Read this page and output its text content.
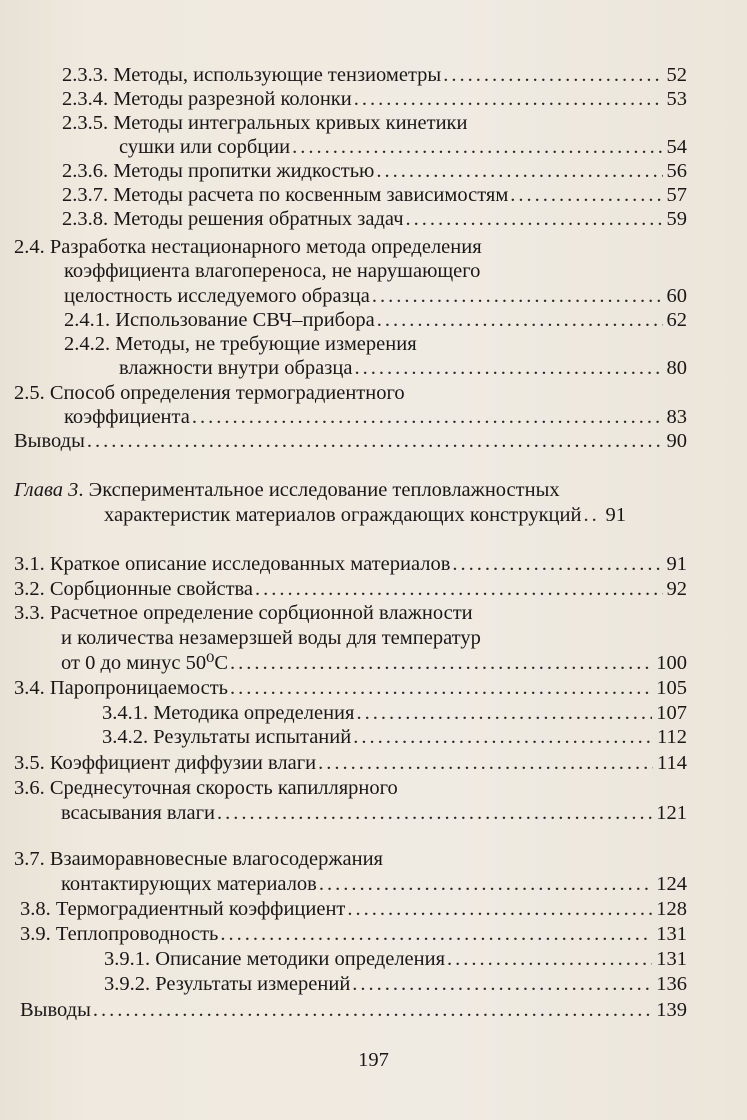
2.3.3. Методы, использующие тензиометры .....	52
2.3.4. Методы разрезной колонки .....	53
2.3.5. Методы интегральных кривых кинетики
сушки или сорбции .....	54
2.3.6. Методы пропитки жидкостью .....	56
2.3.7. Методы расчета по косвенным зависимостям .....	57
2.3.8. Методы решения обратных задач .....	59
2.4. Разработка нестационарного метода определения
коэффициента влагопереноса, не нарушающего
целостность исследуемого образца .....	60
2.4.1. Использование СВЧ–прибора .....	62
2.4.2. Методы, не требующие измерения
влажности внутри образца .....	80
2.5. Способ определения термоградиентного
коэффициента .....	83
Выводы .....	90
Глава 3 . Экспериментальное исследование тепловлажностных
характеристик материалов ограждающих конструкций ..... 91
3.1. Краткое описание исследованных материалов .....	91
3.2. Сорбционные свойства .....	92
3.3. Расчетное определение сорбционной влажности
и количества незамерзшей воды для температур
от 0 до минус 50⁰С .....	100
3.4. Паропроницаемость .....	105
3.4.1. Методика определения .....	107
3.4.2. Результаты испытаний .....	112
3.5. Коэффициент диффузии влаги .....	114
3.6. Среднесуточная скорость капиллярного
всасывания влаги .....	121
3.7. Взаиморавновесные влагосодержания
контактирующих материалов .....	124
3.8. Термоградиентный коэффициент .....	128
3.9. Теплопроводность .....	131
3.9.1. Описание методики определения .....	131
3.9.2. Результаты измерений .....	136
Выводы .....	139
197
